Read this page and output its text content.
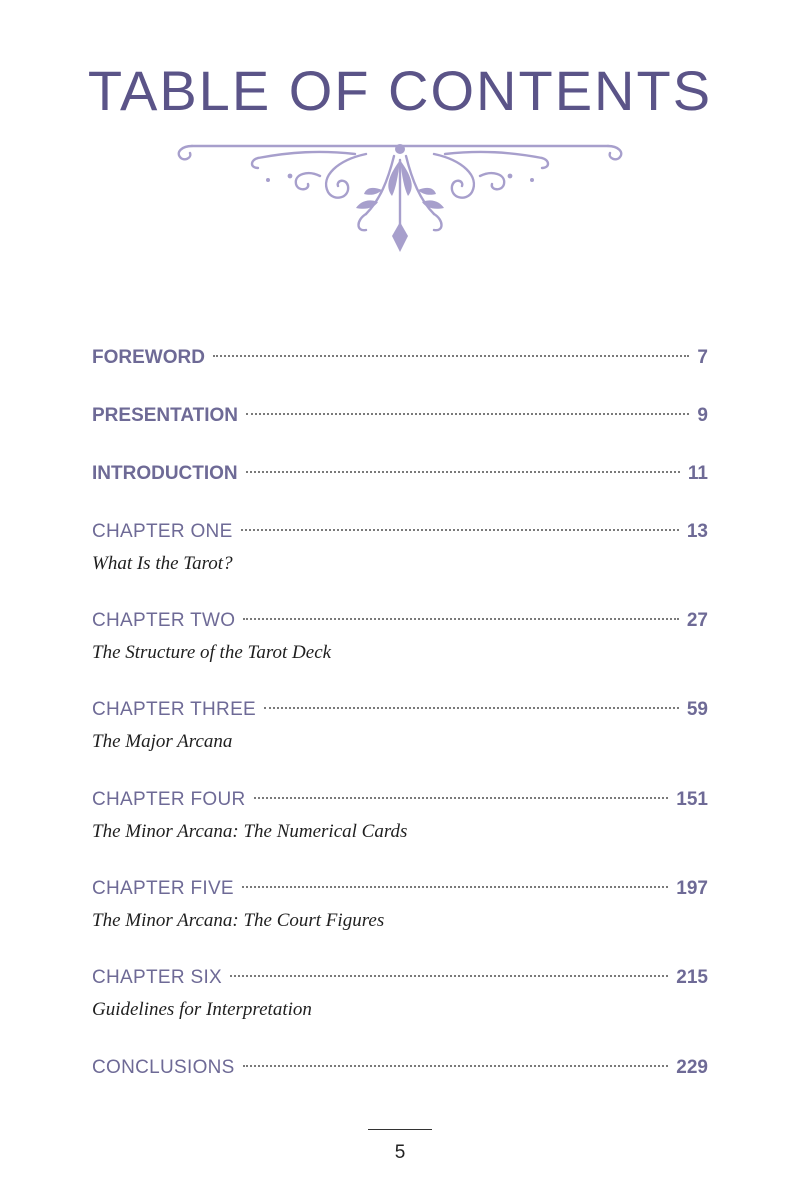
TABLE OF CONTENTS
FOREWORD	7
PRESENTATION	9
INTRODUCTION	11
CHAPTER ONE	13
What Is the Tarot?
CHAPTER TWO	27
The Structure of the Tarot Deck
CHAPTER THREE	59
The Major Arcana
CHAPTER FOUR	151
The Minor Arcana: The Numerical Cards
CHAPTER FIVE	197
The Minor Arcana: The Court Figures
CHAPTER SIX	215
Guidelines for Interpretation
CONCLUSIONS	229
5
